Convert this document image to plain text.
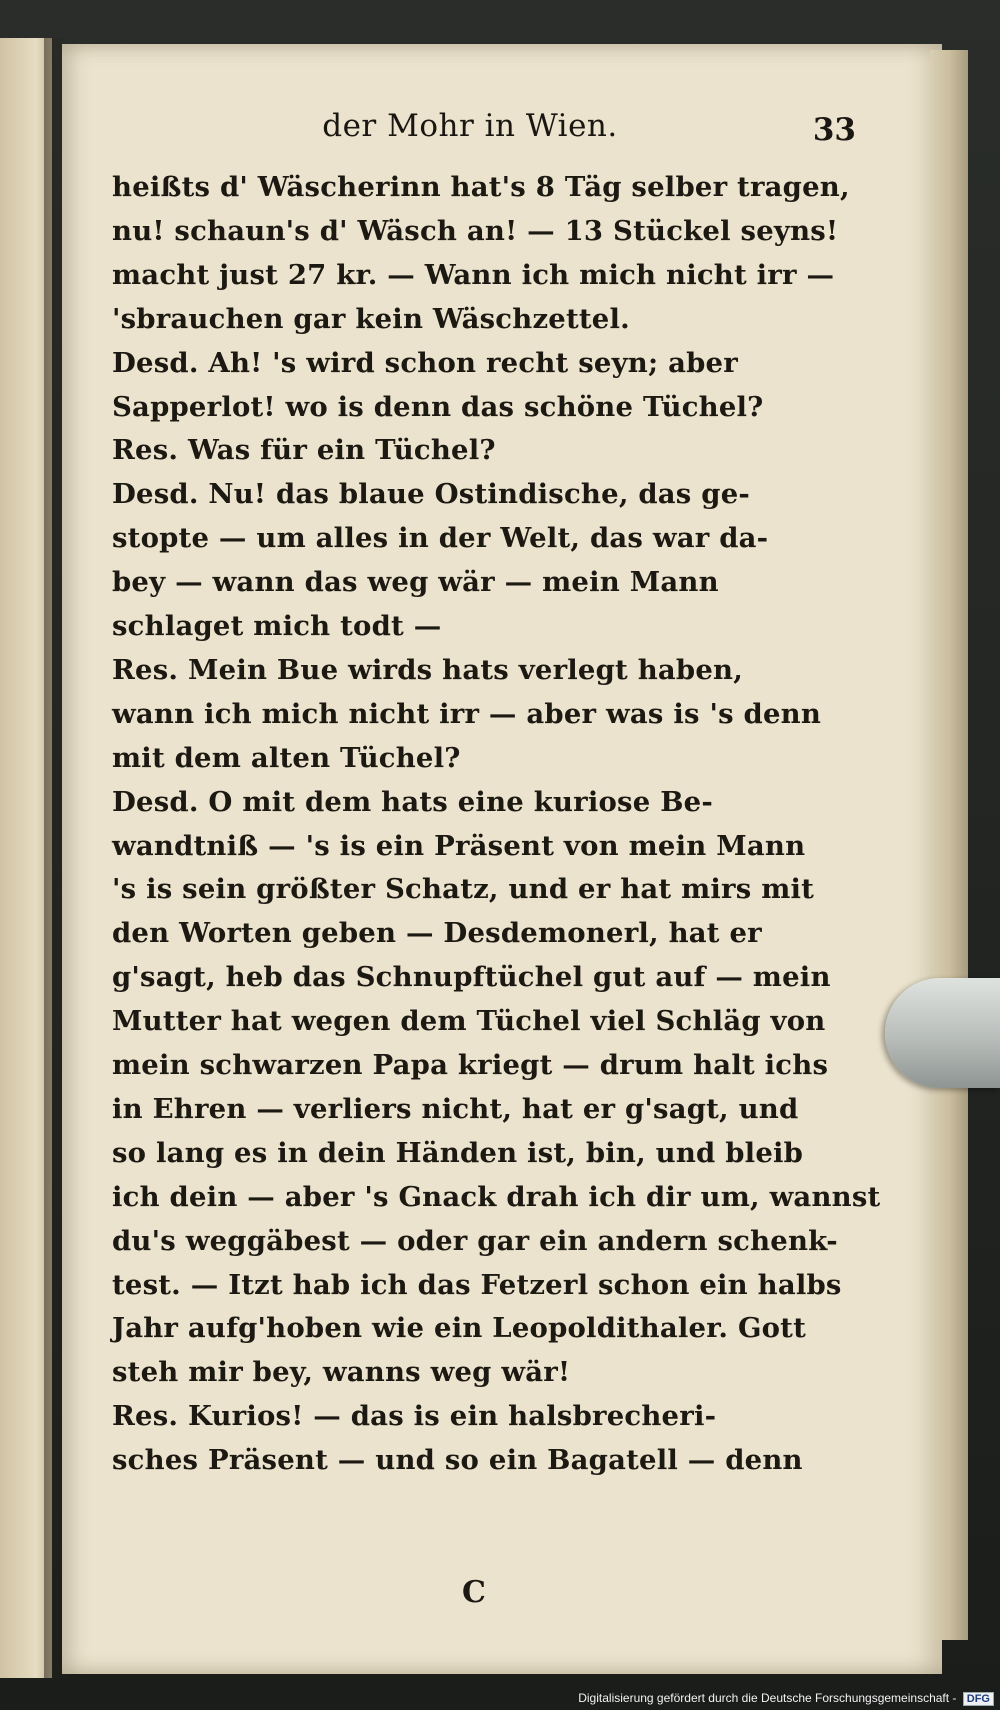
der Mohr in Wien.	33
heißts d' Wäscherinn hat's 8 Täg selber tragen,
nu! schaun's d' Wäsch an! — 13 Stückel seyns!
macht just 27 kr. — Wann ich mich nicht irr —
'sbrauchen gar kein Wäschzettel.
Desd. Ah! 's wird schon recht seyn; aber
Sapperlot! wo is denn das schöne Tüchel?
Res. Was für ein Tüchel?
Desd. Nu! das blaue Ostindische, das ge-
stopte — um alles in der Welt, das war da-
bey — wann das weg wär — mein Mann
schlaget mich todt —
Res. Mein Bue wirds hats verlegt haben,
wann ich mich nicht irr — aber was is 's denn
mit dem alten Tüchel?
Desd. O mit dem hats eine kuriose Be-
wandtniß — 's is ein Präsent von mein Mann
's is sein größter Schatz, und er hat mirs mit
den Worten geben — Desdemonerl, hat er
g'sagt, heb das Schnupftüchel gut auf — mein
Mutter hat wegen dem Tüchel viel Schläg von
mein schwarzen Papa kriegt — drum halt ichs
in Ehren — verliers nicht, hat er g'sagt, und
so lang es in dein Händen ist, bin, und bleib
ich dein — aber 's Gnack drah ich dir um, wannst
du's weggäbest — oder gar ein andern schenk-
test. — Itzt hab ich das Fetzerl schon ein halbs
Jahr aufg'hoben wie ein Leopoldithaler. Gott
steh mir bey, wanns weg wär!
Res. Kurios! — das is ein halsbrecheri-
sches Präsent — und so ein Bagatell — denn
C
Digitalisierung gefördert durch die Deutsche Forschungsgemeinschaft - DFG
